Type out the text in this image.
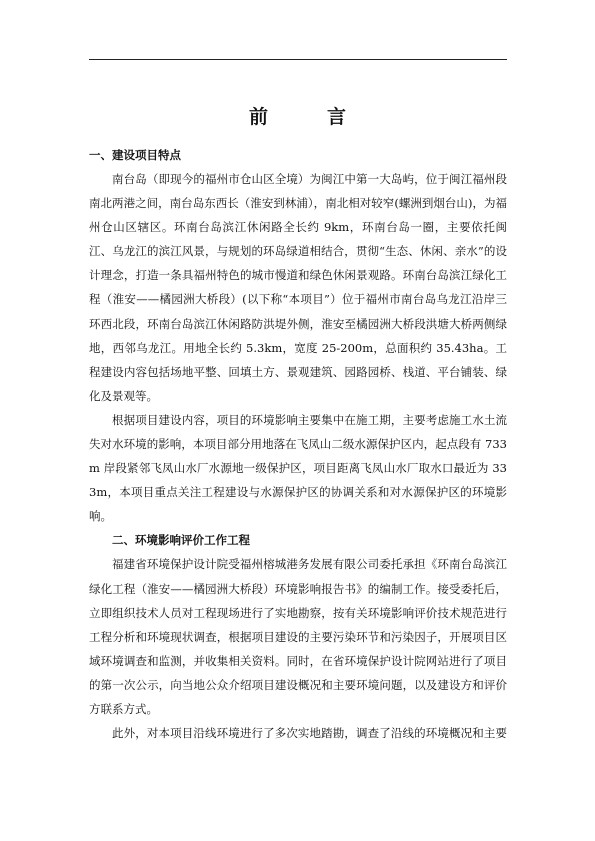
前　言

一、建设项目特点

南台岛（即现今的福州市仓山区全境）为闽江中第一大岛屿，位于闽江福州段南北两港之间，南台岛东西长（淮安到林浦），南北相对较窄(螺洲到烟台山)，为福州仓山区辖区。环南台岛滨江休闲路全长约 9km，环南台岛一圈，主要依托闽江、乌龙江的滨江风景，与规划的环岛绿道相结合，贯彻“生态、休闲、亲水”的设计理念，打造一条具福州特色的城市慢道和绿色休闲景观路。环南台岛滨江绿化工程（淮安——橘园洲大桥段）(以下称“本项目”）位于福州市南台岛乌龙江沿岸三环西北段，环南台岛滨江休闲路防洪堤外侧，淮安至橘园洲大桥段洪塘大桥两侧绿地，西邻乌龙江。用地全长约 5.3km，宽度 25-200m，总面积约 35.43ha。工程建设内容包括场地平整、回填土方、景观建筑、园路园桥、栈道、平台铺装、绿化及景观等。

根据项目建设内容，项目的环境影响主要集中在施工期，主要考虑施工水土流失对水环境的影响，本项目部分用地落在飞凤山二级水源保护区内，起点段有 733m 岸段紧邻飞凤山水厂水源地一级保护区，项目距离飞凤山水厂取水口最近为 333m，本项目重点关注工程建设与水源保护区的协调关系和对水源保护区的环境影响。

二、环境影响评价工作工程

福建省环境保护设计院受福州榕城港务发展有限公司委托承担《环南台岛滨江绿化工程（淮安——橘园洲大桥段）环境影响报告书》的编制工作。接受委托后，立即组织技术人员对工程现场进行了实地勘察，按有关环境影响评价技术规范进行工程分析和环境现状调查，根据项目建设的主要污染环节和污染因子，开展项目区域环境调查和监测，并收集相关资料。同时，在省环境保护设计院网站进行了项目的第一次公示，向当地公众介绍项目建设概况和主要环境问题，以及建设方和评价方联系方式。

此外，对本项目沿线环境进行了多次实地踏勘，调查了沿线的环境概况和主要
